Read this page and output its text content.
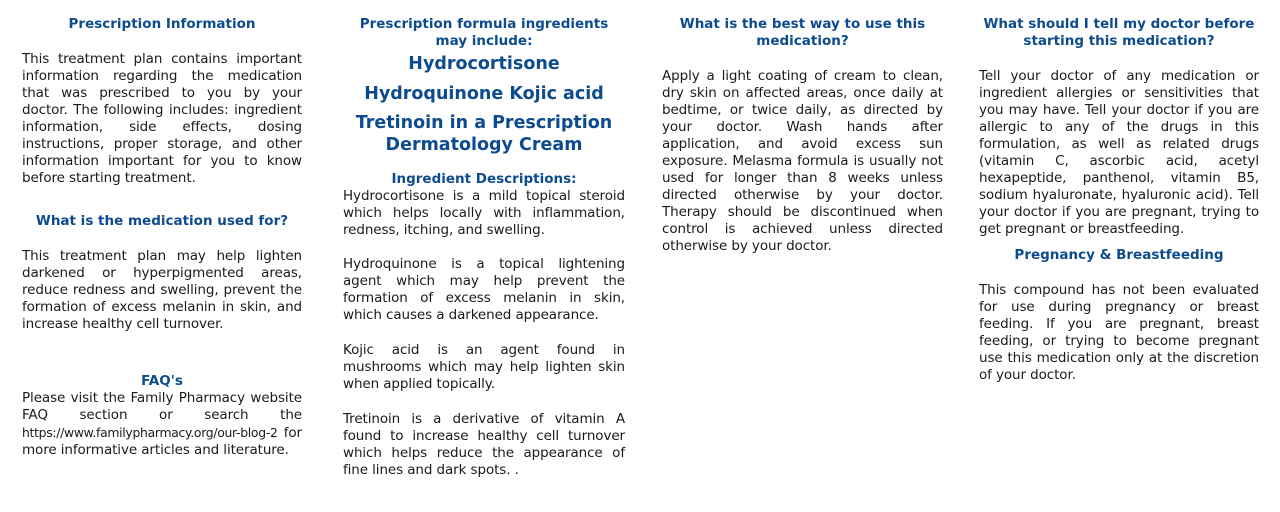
Prescription Information

This treatment plan contains important information regarding the medication that was prescribed to you by your doctor. The following includes: ingredient information, side effects, dosing instructions, proper storage, and other information important for you to know before starting treatment.

What is the medication used for?

This treatment plan may help lighten darkened or hyperpigmented areas, reduce redness and swelling, prevent the formation of excess melanin in skin, and increase healthy cell turnover.

FAQ's

Please visit the Family Pharmacy website FAQ section or search the https://www.familypharmacy.org/our-blog-2 for more informative articles and literature.

Prescription formula ingredients may include:
Hydrocortisone
Hydroquinone Kojic acid
Tretinoin in a Prescription Dermatology Cream
Ingredient Descriptions:

Hydrocortisone is a mild topical steroid which helps locally with inflammation, redness, itching, and swelling.

Hydroquinone is a topical lightening agent which may help prevent the formation of excess melanin in skin, which causes a darkened appearance.

Kojic acid is an agent found in mushrooms which may help lighten skin when applied topically.

Tretinoin is a derivative of vitamin A found to increase healthy cell turnover which helps reduce the appearance of fine lines and dark spots. .

What is the best way to use this medication?

Apply a light coating of cream to clean, dry skin on affected areas, once daily at bedtime, or twice daily, as directed by your doctor. Wash hands after application, and avoid excess sun exposure. Melasma formula is usually not used for longer than 8 weeks unless directed otherwise by your doctor. Therapy should be discontinued when control is achieved unless directed otherwise by your doctor.

What should I tell my doctor before starting this medication?

Tell your doctor of any medication or ingredient allergies or sensitivities that you may have. Tell your doctor if you are allergic to any of the drugs in this formulation, as well as related drugs (vitamin C, ascorbic acid, acetyl hexapeptide, panthenol, vitamin B5, sodium hyaluronate, hyaluronic acid). Tell your doctor if you are pregnant, trying to get pregnant or breastfeeding.

Pregnancy & Breastfeeding

This compound has not been evaluated for use during pregnancy or breast feeding. If you are pregnant, breast feeding, or trying to become pregnant use this medication only at the discretion of your doctor.
